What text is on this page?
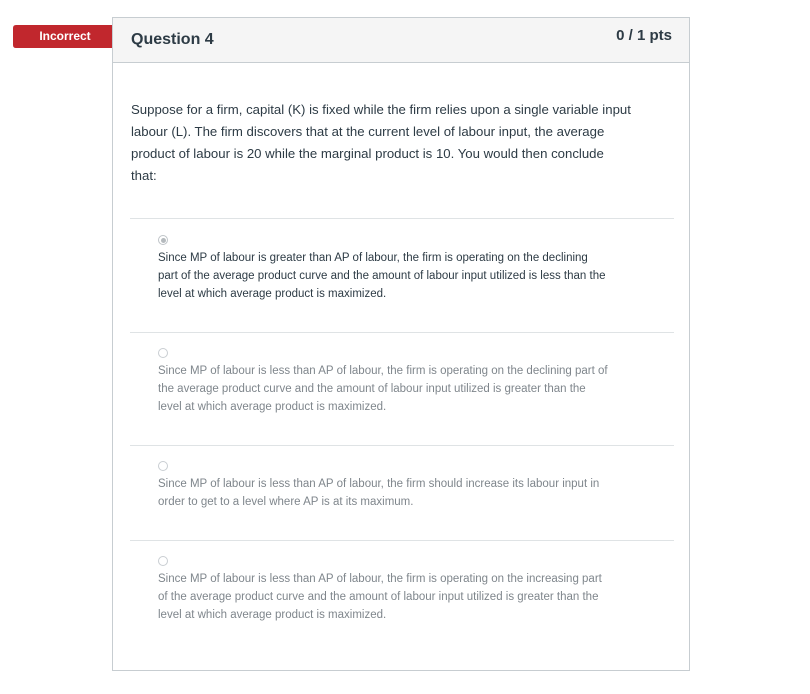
Incorrect	Question 4	0 / 1 pts
Suppose for a firm, capital (K) is fixed while the firm relies upon a single variable input
labour (L). The firm discovers that at the current level of labour input, the average
product of labour is 20 while the marginal product is 10. You would then conclude
that:
Since MP of labour is greater than AP of labour, the firm is operating on the declining
part of the average product curve and the amount of labour input utilized is less than the
level at which average product is maximized.
Since MP of labour is less than AP of labour, the firm is operating on the declining part of
the average product curve and the amount of labour input utilized is greater than the
level at which average product is maximized.
Since MP of labour is less than AP of labour, the firm should increase its labour input in
order to get to a level where AP is at its maximum.
Since MP of labour is less than AP of labour, the firm is operating on the increasing part
of the average product curve and the amount of labour input utilized is greater than the
level at which average product is maximized.
